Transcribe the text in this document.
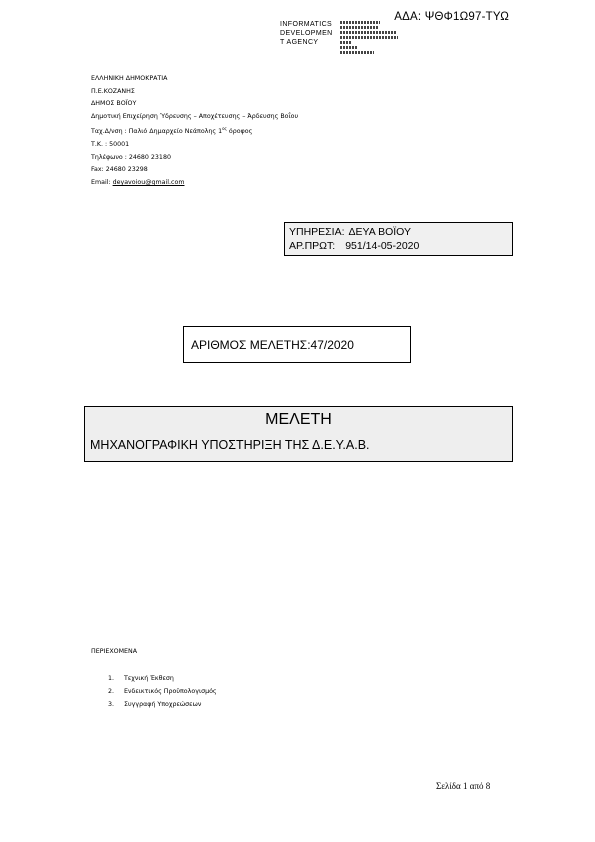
ΑΔΑ: ΨΘΦ1Ω97-ΤΥΩ
INFORMATICS
DEVELOPMEN
T AGENCY
ΕΛΛΗΝΙΚΗ ΔΗΜΟΚΡΑΤΙΑ
Π.Ε.ΚΟΖΑΝΗΣ
ΔΗΜΟΣ ΒΟΪΟΥ
Δημοτική Επιχείρηση Ύδρευσης – Αποχέτευσης – Άρδευσης Βοΐου
Ταχ.Δ/νση : Παλιό Δημαρχείο Νεάπολης $1^{o\varsigma}$ όροφος
Τ.Κ. : 50001
Τηλέφωνο : 24680 23180
Fax: 24680 23298
Email: deyavoiou@gmail.com
ΥΠΗΡΕΣΙΑ: ΔΕΥΑ ΒΟΪΟΥ
ΑΡ.ΠΡΩΤ: 951/14-05-2020
ΑΡΙΘΜΟΣ ΜΕΛΕΤΗΣ:47/2020
ΜΕΛΕΤΗ
ΜΗΧΑΝΟΓΡΑΦΙΚΗ ΥΠΟΣΤΗΡΙΞΗ ΤΗΣ Δ.Ε.Υ.Α.Β.
ΠΕΡΙΕΧΟΜΕΝΑ
1. Τεχνική Έκθεση
2. Ενδεικτικός Προϋπολογισμός
3. Συγγραφή Υποχρεώσεων
Σελίδα 1 από 8
